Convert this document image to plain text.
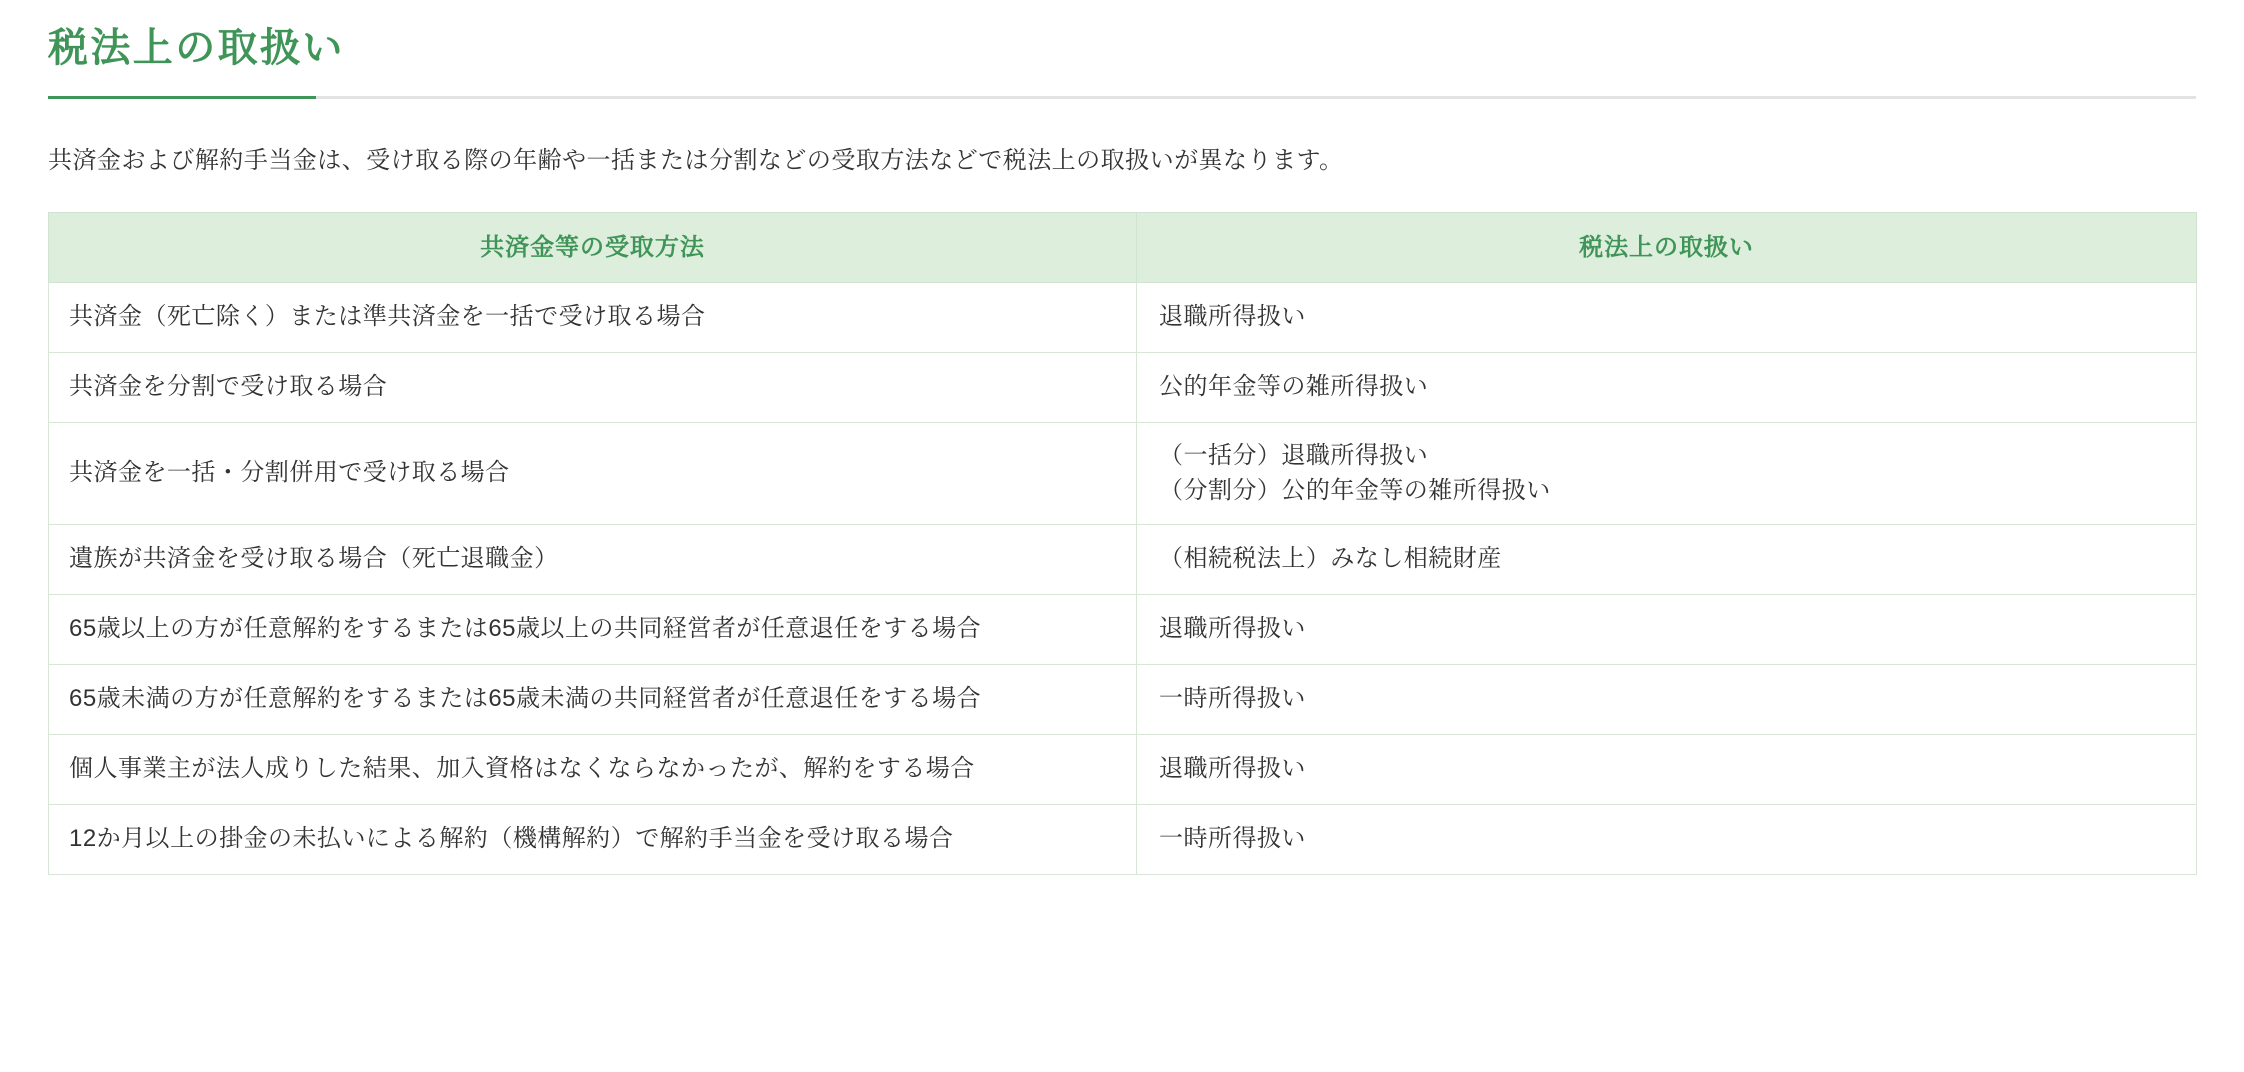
税法上の取扱い

共済金および解約手当金は、受け取る際の年齢や一括または分割などの受取方法などで税法上の取扱いが異なります。

共済金等の受取方法	税法上の取扱い
共済金（死亡除く）または準共済金を一括で受け取る場合	退職所得扱い

共済金を分割で受け取る場合	公的年金等の雑所得扱い

共済金を一括・分割併用で受け取る場合	（一括分）退職所得扱い
（分割分）公的年金等の雑所得扱い

遺族が共済金を受け取る場合（死亡退職金）	（相続税法上）みなし相続財産

65歳以上の方が任意解約をするまたは65歳以上の共同経営者が任意退任をする場合	退職所得扱い

65歳未満の方が任意解約をするまたは65歳未満の共同経営者が任意退任をする場合	一時所得扱い

個人事業主が法人成りした結果、加入資格はなくならなかったが、解約をする場合	退職所得扱い

12か月以上の掛金の未払いによる解約（機構解約）で解約手当金を受け取る場合	一時所得扱い
